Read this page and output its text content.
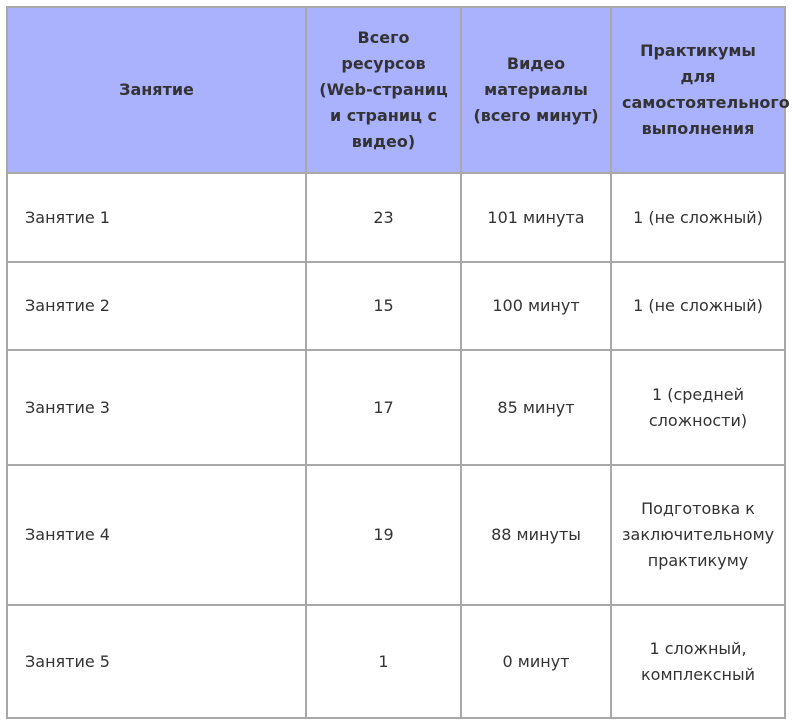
Занятие	Всего ресурсов (Web-страниц и страниц с видео)	Видео материалы (всего минут)	Практикумы для самостоятельного выполнения

Занятие 1	23	101 минута	1 (не сложный)
Занятие 2	15	100 минут	1 (не сложный)
Занятие 3	17	85 минут	1 (средней сложности)
Занятие 4	19	88 минуты	Подготовка к заключительному практикуму
Занятие 5	1	0 минут	1 сложный, комплексный
